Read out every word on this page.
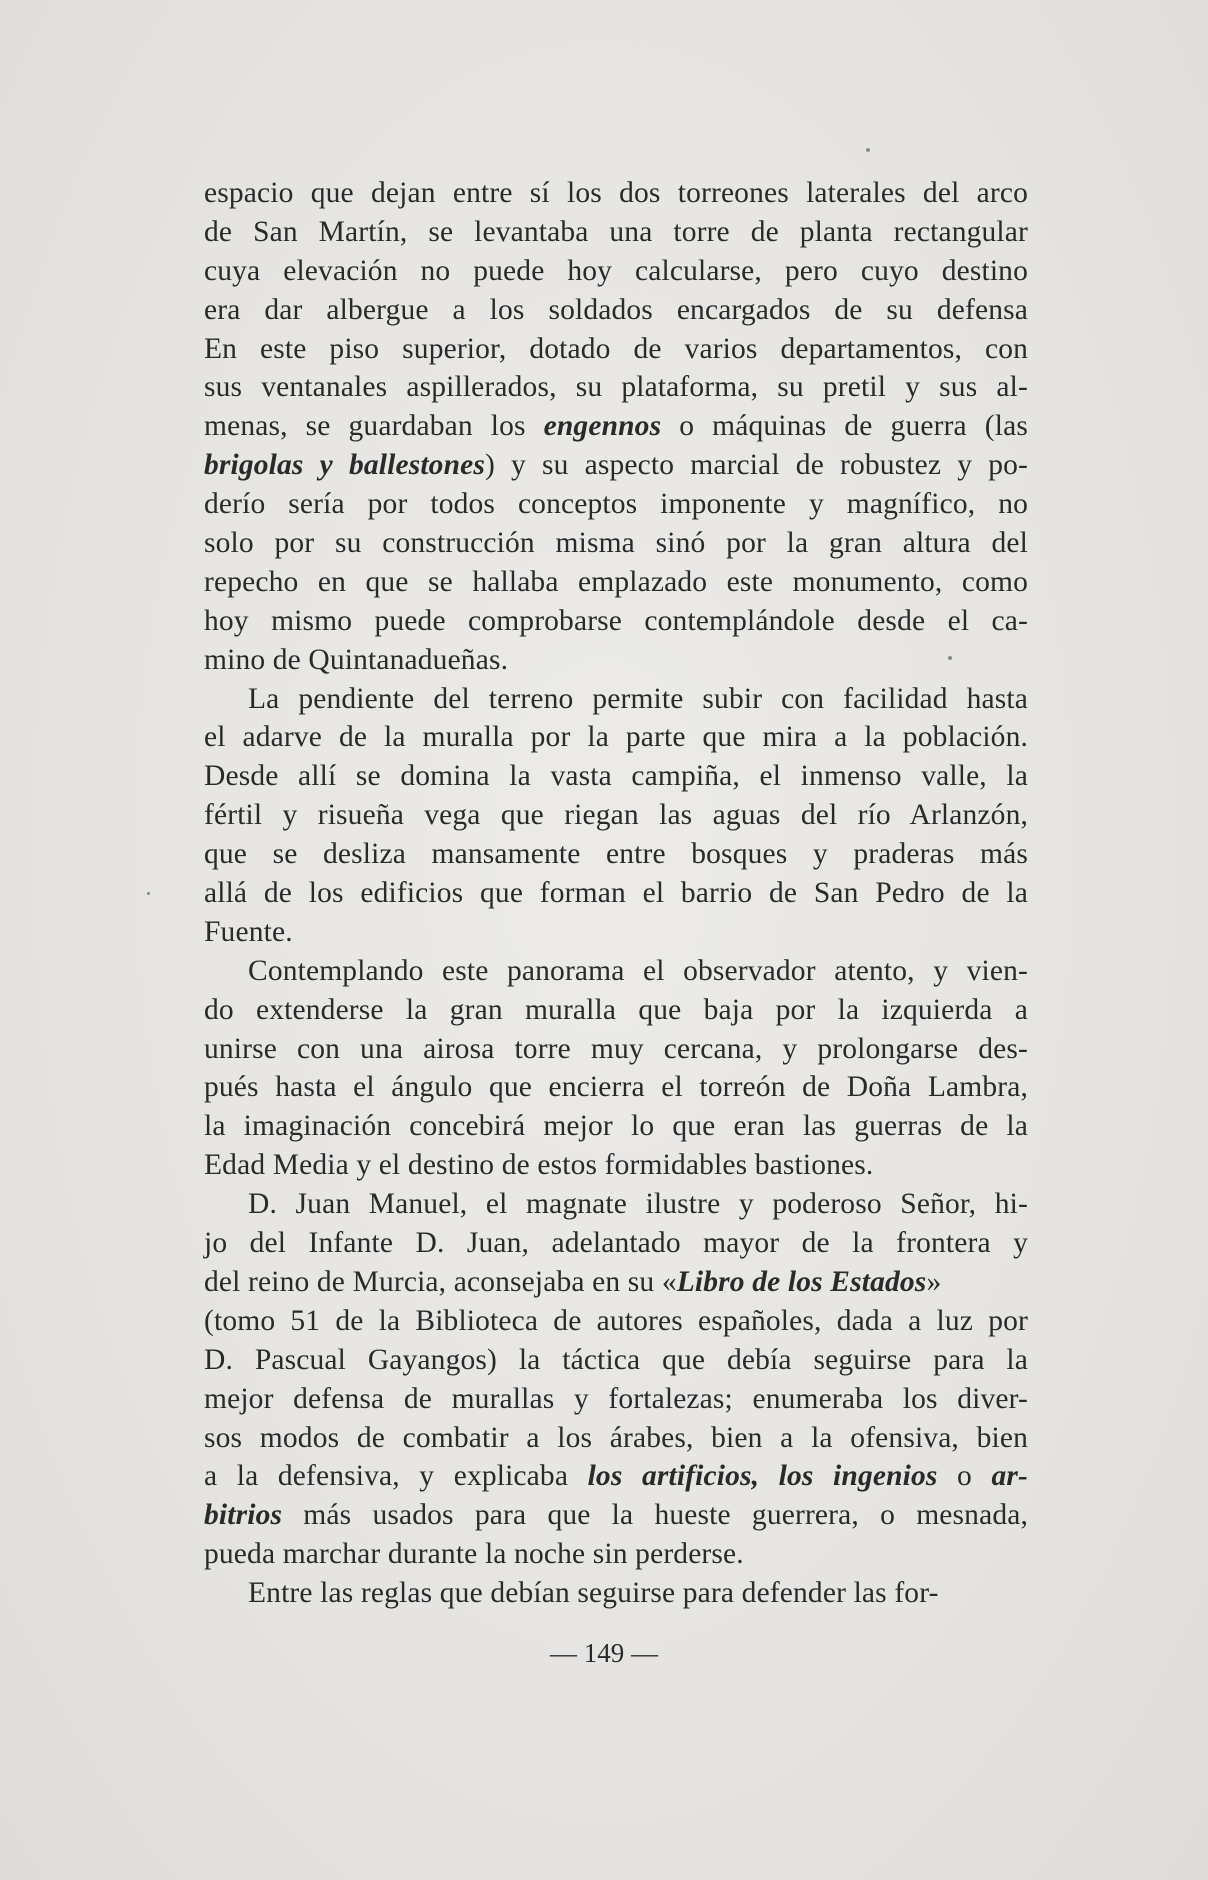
espacio que dejan entre sí los dos torreones laterales del arco
de San Martín, se levantaba una torre de planta rectangular
cuya elevación no puede hoy calcularse, pero cuyo destino
era dar albergue a los soldados encargados de su defensa
En este piso superior, dotado de varios departamentos, con
sus ventanales aspillerados, su plataforma, su pretil y sus al-
menas, se guardaban los engennos o máquinas de guerra (las
brigolas y ballestones) y su aspecto marcial de robustez y po-
derío sería por todos conceptos imponente y magnífico, no
solo por su construcción misma sinó por la gran altura del
repecho en que se hallaba emplazado este monumento, como
hoy mismo puede comprobarse contemplándole desde el ca-
mino de Quintanadueñas.
La pendiente del terreno permite subir con facilidad hasta
el adarve de la muralla por la parte que mira a la población.
Desde allí se domina la vasta campiña, el inmenso valle, la
fértil y risueña vega que riegan las aguas del río Arlanzón,
que se desliza mansamente entre bosques y praderas más
allá de los edificios que forman el barrio de San Pedro de la
Fuente.
Contemplando este panorama el observador atento, y vien-
do extenderse la gran muralla que baja por la izquierda a
unirse con una airosa torre muy cercana, y prolongarse des-
pués hasta el ángulo que encierra el torreón de Doña Lambra,
la imaginación concebirá mejor lo que eran las guerras de la
Edad Media y el destino de estos formidables bastiones.
D. Juan Manuel, el magnate ilustre y poderoso Señor, hi-
jo del Infante D. Juan, adelantado mayor de la frontera y
del reino de Murcia, aconsejaba en su «Libro de los Estados»
(tomo 51 de la Biblioteca de autores españoles, dada a luz por
D. Pascual Gayangos) la táctica que debía seguirse para la
mejor defensa de murallas y fortalezas; enumeraba los diver-
sos modos de combatir a los árabes, bien a la ofensiva, bien
a la defensiva, y explicaba los artificios, los ingenios o ar-
bitrios más usados para que la hueste guerrera, o mesnada,
pueda marchar durante la noche sin perderse.
Entre las reglas que debían seguirse para defender las for-
— 149 —
